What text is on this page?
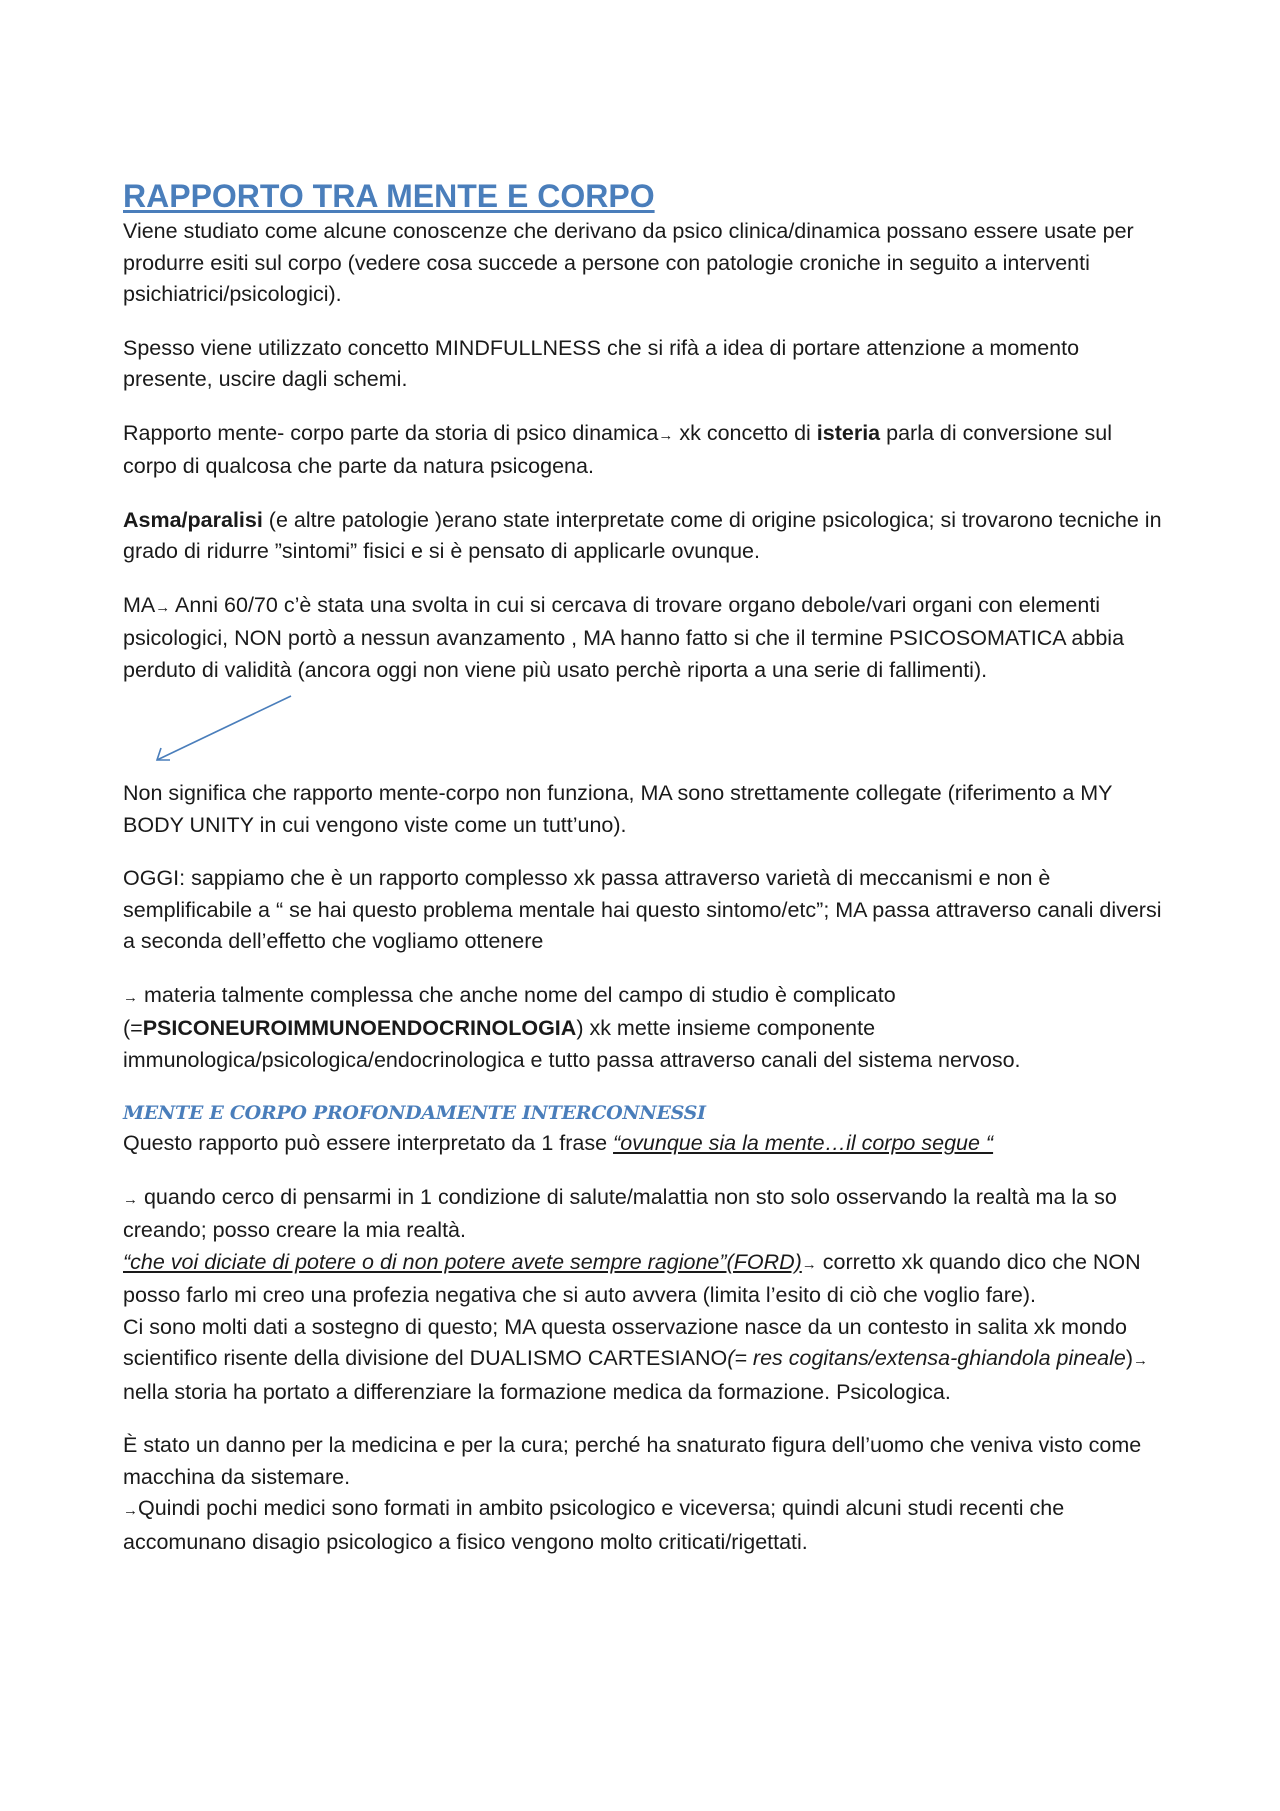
RAPPORTO TRA MENTE E CORPO

Viene studiato come alcune conoscenze che derivano da psico clinica/dinamica possano essere usate per produrre esiti sul corpo (vedere cosa succede a persone con patologie croniche in seguito a interventi psichiatrici/psicologici).

Spesso viene utilizzato concetto MINDFULLNESS che si rifà a idea di portare attenzione a momento presente, uscire dagli schemi.

Rapporto mente- corpo parte da storia di psico dinamica→ xk concetto di isteria parla di conversione sul corpo di qualcosa che parte da natura psicogena.

Asma/paralisi (e altre patologie )erano state interpretate come di origine psicologica; si trovarono tecniche in grado di ridurre ”sintomi” fisici e si è pensato di applicarle ovunque.

MA→ Anni 60/70 c’è stata una svolta in cui si cercava di trovare organo debole/vari organi con elementi psicologici, NON portò a nessun avanzamento , MA hanno fatto si che il termine PSICOSOMATICA abbia perduto di validità (ancora oggi non viene più usato perchè riporta a una serie di fallimenti).

Non significa che rapporto mente-corpo non funziona, MA sono strettamente collegate (riferimento a MY BODY UNITY in cui vengono viste come un tutt’uno).

OGGI: sappiamo che è un rapporto complesso xk passa attraverso varietà di meccanismi e non è semplificabile a “ se hai questo problema mentale hai questo sintomo/etc”; MA passa attraverso canali diversi a seconda dell’effetto che vogliamo ottenere

→ materia talmente complessa che anche nome del campo di studio è complicato (=PSICONEUROIMMUNOENDOCRINOLOGIA) xk mette insieme componente immunologica/psicologica/endocrinologica e tutto passa attraverso canali del sistema nervoso.

MENTE E CORPO PROFONDAMENTE INTERCONNESSI

Questo rapporto può essere interpretato da 1 frase “ovunque sia la mente…il corpo segue “

→ quando cerco di pensarmi in 1 condizione di salute/malattia non sto solo osservando la realtà ma la so creando; posso creare la mia realtà.
“che voi diciate di potere o di non potere avete sempre ragione”(FORD)→ corretto xk quando dico che NON posso farlo mi creo una profezia negativa che si auto avvera (limita l’esito di ciò che voglio fare).
Ci sono molti dati a sostegno di questo; MA questa osservazione nasce da un contesto in salita xk mondo scientifico risente della divisione del DUALISMO CARTESIANO(= res cogitans/extensa-ghiandola pineale)→ nella storia ha portato a differenziare la formazione medica da formazione. Psicologica.

È stato un danno per la medicina e per la cura; perché ha snaturato figura dell’uomo che veniva visto come macchina da sistemare.
→Quindi pochi medici sono formati in ambito psicologico e viceversa; quindi alcuni studi recenti che accomunano disagio psicologico a fisico vengono molto criticati/rigettati.
